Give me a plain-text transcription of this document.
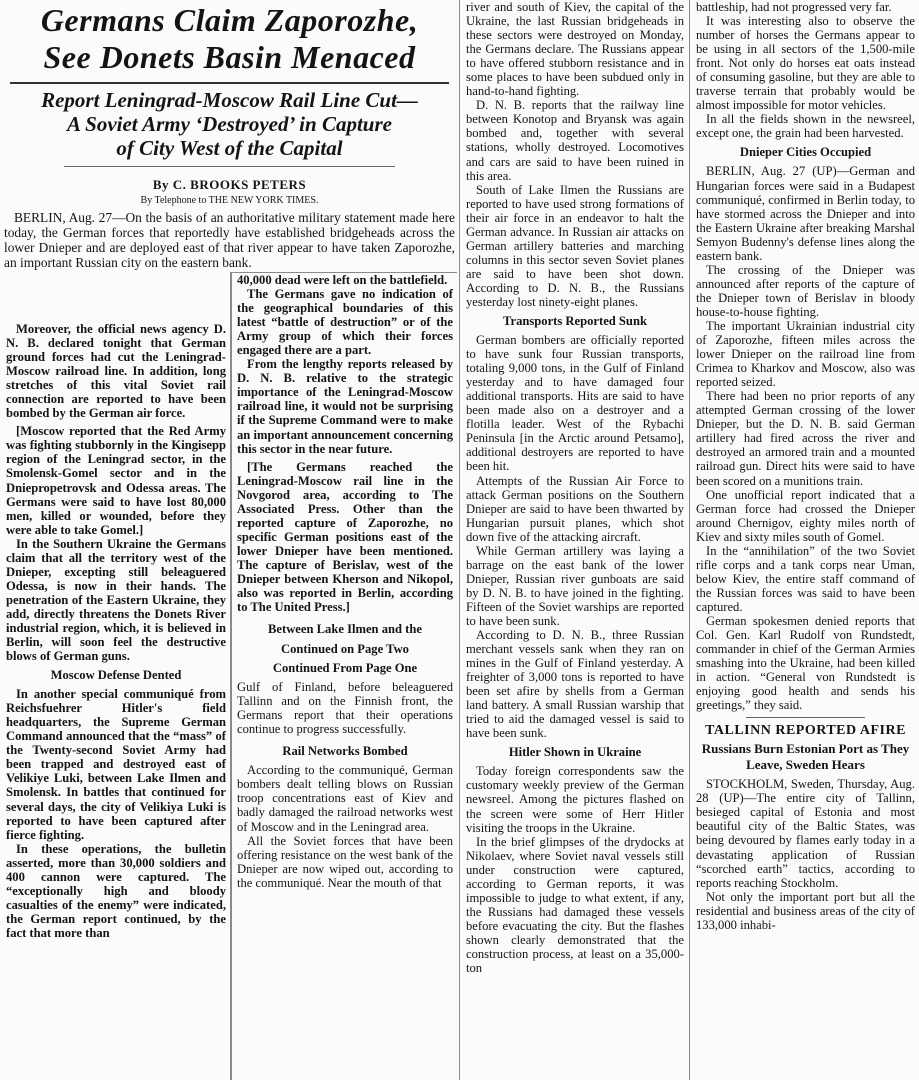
Germans Claim Zaporozhe,
See Donets Basin Menaced
Report Leningrad-Moscow Rail Line Cut—
A Soviet Army ‘Destroyed’ in Capture
of City West of the Capital
By C. BROOKS PETERS
By Telephone to THE NEW YORK TIMES.

BERLIN, Aug. 27—On the basis of an authoritative military statement made here today, the German forces that reportedly have established bridgeheads across the lower Dnieper and are deployed east of that river appear to have taken Zaporozhe, an important Russian city on the eastern bank.

Moreover, the official news agency D. N. B. declared tonight that German ground forces had cut the Leningrad-Moscow railroad line. In addition, long stretches of this vital Soviet rail connection are reported to have been bombed by the German air force.

[Moscow reported that the Red Army was fighting stubbornly in the Kingisepp region of the Leningrad sector, in the Smolensk-Gomel sector and in the Dniepropetrovsk and Odessa areas. The Germans were said to have lost 80,000 men, killed or wounded, before they were able to take Gomel.]

In the Southern Ukraine the Germans claim that all the territory west of the Dnieper, excepting still beleaguered Odessa, is now in their hands. The penetration of the Eastern Ukraine, they add, directly threatens the Donets River industrial region, which, it is believed in Berlin, will soon feel the destructive blows of German guns.

Moscow Defense Dented

In another special communiqué from Reichsfuehrer Hitler's field headquarters, the Supreme German Command announced that the “mass” of the Twenty-second Soviet Army had been trapped and destroyed east of Velikiye Luki, between Lake Ilmen and Smolensk. In battles that continued for several days, the city of Velikiya Luki is reported to have been captured after fierce fighting.

In these operations, the bulletin asserted, more than 30,000 soldiers and 400 cannon were captured. The “exceptionally high and bloody casualties of the enemy” were indicated, the German report continued, by the fact that more than

40,000 dead were left on the battlefield.

The Germans gave no indication of the geographical boundaries of this latest “battle of destruction” or of the Army group of which their forces engaged there are a part.

From the lengthy reports released by D. N. B. relative to the strategic importance of the Leningrad-Moscow railroad line, it would not be surprising if the Supreme Command were to make an important announcement concerning this sector in the near future.

[The Germans reached the Leningrad-Moscow rail line in the Novgorod area, according to The Associated Press. Other than the reported capture of Zaporozhe, no specific German positions east of the lower Dnieper have been mentioned. The capture of Berislav, west of the Dnieper between Kherson and Nikopol, also was reported in Berlin, according to The United Press.]

Between Lake Ilmen and the
Continued on Page Two
Continued From Page One

Gulf of Finland, before beleaguered Tallinn and on the Finnish front, the Germans report that their operations continue to progress successfully.

Rail Networks Bombed

According to the communiqué, German bombers dealt telling blows on Russian troop concentrations east of Kiev and badly damaged the railroad networks west of Moscow and in the Leningrad area.

All the Soviet forces that have been offering resistance on the west bank of the Dnieper are now wiped out, according to the communiqué. Near the mouth of that

river and south of Kiev, the capital of the Ukraine, the last Russian bridgeheads in these sectors were destroyed on Monday, the Germans declare. The Russians appear to have offered stubborn resistance and in some places to have been subdued only in hand-to-hand fighting.

D. N. B. reports that the railway line between Konotop and Bryansk was again bombed and, together with several stations, wholly destroyed. Locomotives and cars are said to have been ruined in this area.

South of Lake Ilmen the Russians are reported to have used strong formations of their air force in an endeavor to halt the German advance. In Russian air attacks on German artillery batteries and marching columns in this sector seven Soviet planes are said to have been shot down. According to D. N. B., the Russians yesterday lost ninety-eight planes.

Transports Reported Sunk

German bombers are officially reported to have sunk four Russian transports, totaling 9,000 tons, in the Gulf of Finland yesterday and to have damaged four additional transports. Hits are said to have been made also on a destroyer and a flotilla leader. West of the Rybachi Peninsula [in the Arctic around Petsamo], additional destroyers are reported to have been hit.

Attempts of the Russian Air Force to attack German positions on the Southern Dnieper are said to have been thwarted by Hungarian pursuit planes, which shot down five of the attacking aircraft.

While German artillery was laying a barrage on the east bank of the lower Dnieper, Russian river gunboats are said by D. N. B. to have joined in the fighting. Fifteen of the Soviet warships are reported to have been sunk.

According to D. N. B., three Russian merchant vessels sank when they ran on mines in the Gulf of Finland yesterday. A freighter of 3,000 tons is reported to have been set afire by shells from a German land battery. A small Russian warship that tried to aid the damaged vessel is said to have been sunk.

Hitler Shown in Ukraine

Today foreign correspondents saw the customary weekly preview of the German newsreel. Among the pictures flashed on the screen were some of Herr Hitler visiting the troops in the Ukraine.

In the brief glimpses of the drydocks at Nikolaev, where Soviet naval vessels still under construction were captured, according to German reports, it was impossible to judge to what extent, if any, the Russians had damaged these vessels before evacuating the city. But the flashes shown clearly demonstrated that the construction process, at least on a 35,000-ton

battleship, had not progressed very far.

It was interesting also to observe the number of horses the Germans appear to be using in all sectors of the 1,500-mile front. Not only do horses eat oats instead of consuming gasoline, but they are able to traverse terrain that probably would be almost impossible for motor vehicles.

In all the fields shown in the newsreel, except one, the grain had been harvested.

Dnieper Cities Occupied

BERLIN, Aug. 27 (UP)—German and Hungarian forces were said in a Budapest communiqué, confirmed in Berlin today, to have stormed across the Dnieper and into the Eastern Ukraine after breaking Marshal Semyon Budenny's defense lines along the eastern bank.

The crossing of the Dnieper was announced after reports of the capture of the Dnieper town of Berislav in bloody house-to-house fighting.

The important Ukrainian industrial city of Zaporozhe, fifteen miles across the lower Dnieper on the railroad line from Crimea to Kharkov and Moscow, also was reported seized.

There had been no prior reports of any attempted German crossing of the lower Dnieper, but the D. N. B. said German artillery had fired across the river and destroyed an armored train and a mounted railroad gun. Direct hits were said to have been scored on a munitions train.

One unofficial report indicated that a German force had crossed the Dnieper around Chernigov, eighty miles north of Kiev and sixty miles south of Gomel.

In the “annihilation” of the two Soviet rifle corps and a tank corps near Uman, below Kiev, the entire staff command of the Russian forces was said to have been captured.

German spokesmen denied reports that Col. Gen. Karl Rudolf von Rundstedt, commander in chief of the German Armies smashing into the Ukraine, had been killed in action. “General von Rundstedt is enjoying good health and sends his greetings,” they said.

TALLINN REPORTED AFIRE
Russians Burn Estonian Port as They Leave, Sweden Hears

STOCKHOLM, Sweden, Thursday, Aug. 28 (UP)—The entire city of Tallinn, besieged capital of Estonia and most beautiful city of the Baltic States, was being devoured by flames early today in a devastating application of Russian “scorched earth” tactics, according to reports reaching Stockholm.

Not only the important port but all the residential and business areas of the city of 133,000 inhabi-
